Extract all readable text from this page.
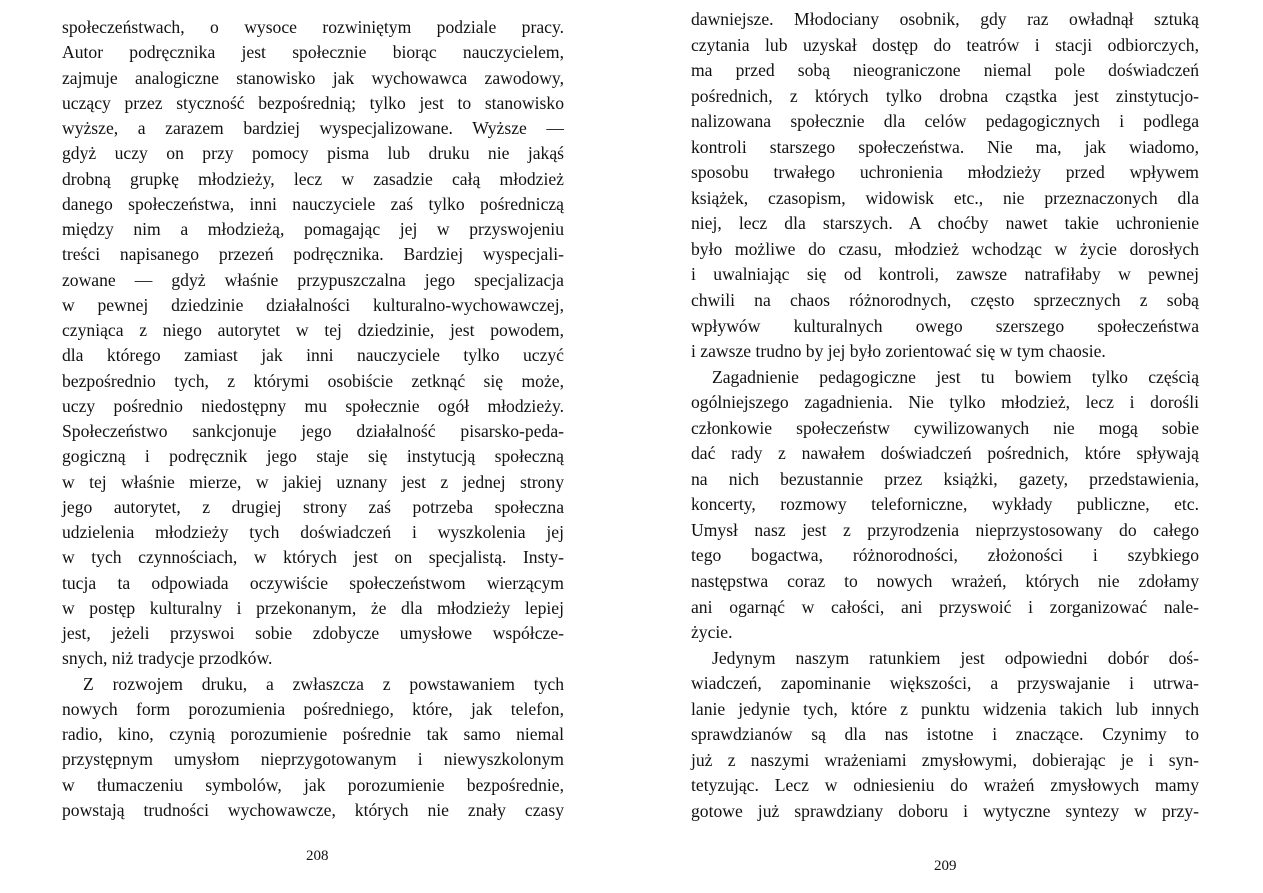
społeczeństwach, o wysoce rozwiniętym podziale pracy.
Autor podręcznika jest społecznie biorąc nauczycielem,
zajmuje analogiczne stanowisko jak wychowawca zawodowy,
uczący przez styczność bezpośrednią; tylko jest to stanowisko
wyższe, a zarazem bardziej wyspecjalizowane. Wyższe —
gdyż uczy on przy pomocy pisma lub druku nie jakąś
drobną grupkę młodzieży, lecz w zasadzie całą młodzież
danego społeczeństwa, inni nauczyciele zaś tylko pośredniczą
między nim a młodzieżą, pomagając jej w przyswojeniu
treści napisanego przezeń podręcznika. Bardziej wyspecjali-
zowane — gdyż właśnie przypuszczalna jego specjalizacja
w pewnej dziedzinie działalności kulturalno-wychowawczej,
czyniąca z niego autorytet w tej dziedzinie, jest powodem,
dla którego zamiast jak inni nauczyciele tylko uczyć
bezpośrednio tych, z którymi osobiście zetknąć się może,
uczy pośrednio niedostępny mu społecznie ogół młodzieży.
Społeczeństwo sankcjonuje jego działalność pisarsko-peda-
gogiczną i podręcznik jego staje się instytucją społeczną
w tej właśnie mierze, w jakiej uznany jest z jednej strony
jego autorytet, z drugiej strony zaś potrzeba społeczna
udzielenia młodzieży tych doświadczeń i wyszkolenia jej
w tych czynnościach, w których jest on specjalistą. Insty-
tucja ta odpowiada oczywiście społeczeństwom wierzącym
w postęp kulturalny i przekonanym, że dla młodzieży lepiej
jest, jeżeli przyswoi sobie zdobycze umysłowe współcze-
snych, niż tradycje przodków.
Z rozwojem druku, a zwłaszcza z powstawaniem tych
nowych form porozumienia pośredniego, które, jak telefon,
radio, kino, czynią porozumienie pośrednie tak samo niemal
przystępnym umysłom nieprzygotowanym i niewyszkolonym
w tłumaczeniu symbolów, jak porozumienie bezpośrednie,
powstają trudności wychowawcze, których nie znały czasy
208
dawniejsze. Młodociany osobnik, gdy raz owładnął sztuką
czytania lub uzyskał dostęp do teatrów i stacji odbiorczych,
ma przed sobą nieograniczone niemal pole doświadczeń
pośrednich, z których tylko drobna cząstka jest zinstytucjo-
nalizowana społecznie dla celów pedagogicznych i podlega
kontroli starszego społeczeństwa. Nie ma, jak wiadomo,
sposobu trwałego uchronienia młodzieży przed wpływem
książek, czasopism, widowisk etc., nie przeznaczonych dla
niej, lecz dla starszych. A choćby nawet takie uchronienie
było możliwe do czasu, młodzież wchodząc w życie dorosłych
i uwalniając się od kontroli, zawsze natrafiłaby w pewnej
chwili na chaos różnorodnych, często sprzecznych z sobą
wpływów kulturalnych owego szerszego społeczeństwa
i zawsze trudno by jej było zorientować się w tym chaosie.
Zagadnienie pedagogiczne jest tu bowiem tylko częścią
ogólniejszego zagadnienia. Nie tylko młodzież, lecz i dorośli
członkowie społeczeństw cywilizowanych nie mogą sobie
dać rady z nawałem doświadczeń pośrednich, które spływają
na nich bezustannie przez książki, gazety, przedstawienia,
koncerty, rozmowy teleforniczne, wykłady publiczne, etc.
Umysł nasz jest z przyrodzenia nieprzystosowany do całego
tego bogactwa, różnorodności, złożoności i szybkiego
następstwa coraz to nowych wrażeń, których nie zdołamy
ani ogarnąć w całości, ani przyswoić i zorganizować nale-
życie.
Jedynym naszym ratunkiem jest odpowiedni dobór doś-
wiadczeń, zapominanie większości, a przyswajanie i utrwa-
lanie jedynie tych, które z punktu widzenia takich lub innych
sprawdzianów są dla nas istotne i znaczące. Czynimy to
już z naszymi wrażeniami zmysłowymi, dobierając je i syn-
tetyzując. Lecz w odniesieniu do wrażeń zmysłowych mamy
gotowe już sprawdziany doboru i wytyczne syntezy w przy-
209
